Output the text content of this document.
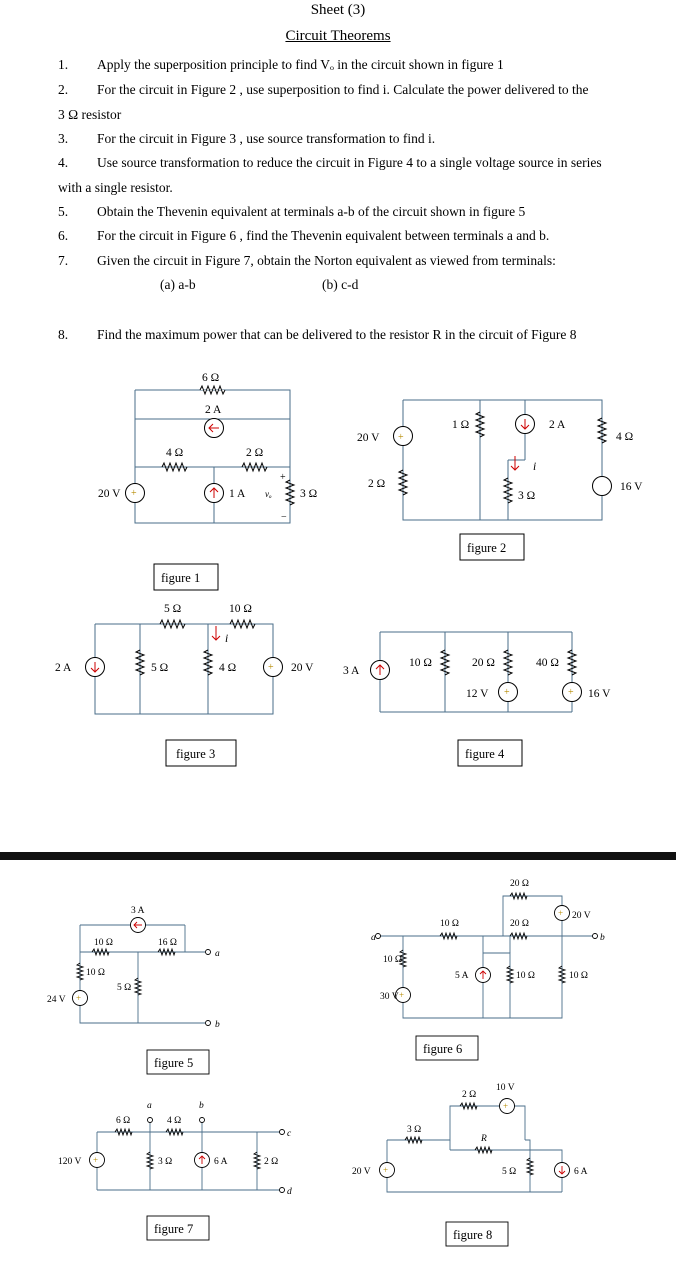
Sheet (3)
Circuit Theorems
1. Apply the superposition principle to find Vₒ in the circuit shown in figure 1
2. For the circuit in Figure 2 , use superposition to find i. Calculate the power delivered to the
3 Ω resistor
3. For the circuit in Figure 3 , use source transformation to find i.
4. Use source transformation to reduce the circuit in Figure 4 to a single voltage source in series
with a single resistor.
5. Obtain the Thevenin equivalent at terminals a-b of the circuit shown in figure 5
6. For the circuit in Figure 6 , find the Thevenin equivalent between terminals a and b.
7. Given the circuit in Figure 7, obtain the Norton equivalent as viewed from terminals:
(a) a-b	(b) c-d
8. Find the maximum power that can be delivered to the resistor R in the circuit of Figure 8
6 Ω
2 A
4 Ω	2 Ω
20 V +	1 A vₒ
+
−
3 Ω
figure 1
20 V +
2 Ω
1 Ω	2 A
4 Ω
i
3 Ω
16 V
figure 2
2 A	5 Ω
5 Ω	10 Ω
i
4 Ω	+ 20 V
figure 3
3 A
10 Ω	20 Ω
12 V +
40 Ω
+ 16 V
figure 4
3 A
10 Ω	16 Ω
10 Ω
5 Ω
24 V +
a
b
figure 5
20 Ω
+ 20 V
10 Ω	20 Ω
a	b
10 Ω
5 A	10 Ω	10 Ω
30 V +
figure 6
a	b
c
d
6 Ω	4 Ω
120 V +	3 Ω	6 A	2 Ω
figure 7
2 Ω
10 V
+
3 Ω
R
20 V +	5 Ω	6 A
figure 8
